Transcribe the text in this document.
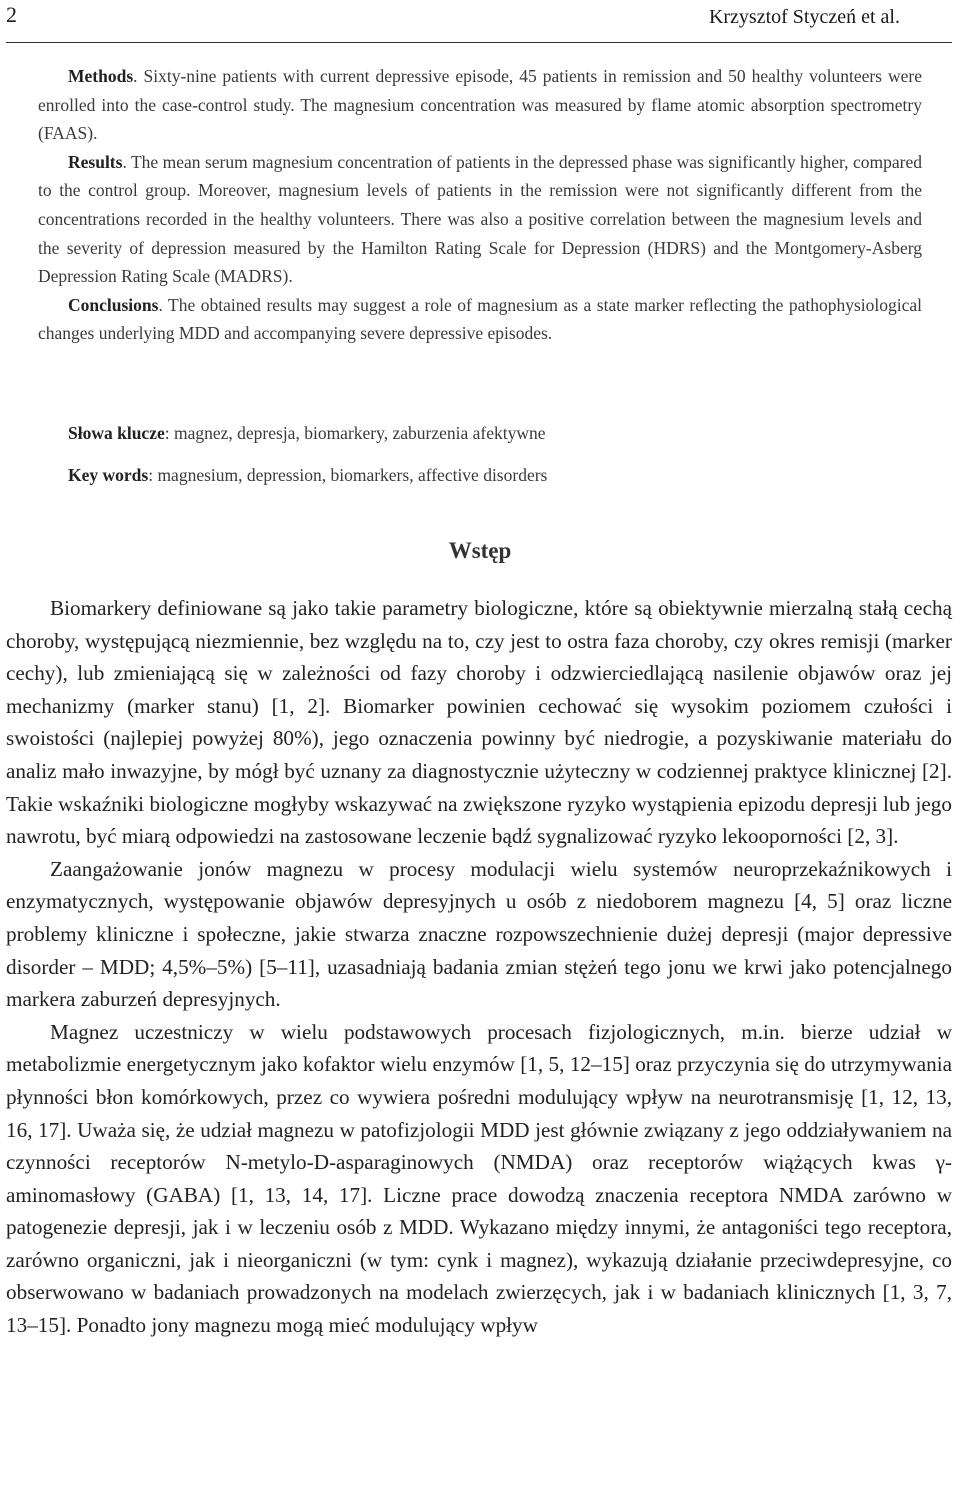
2	Krzysztof Styczeń et al.

Methods. Sixty-nine patients with current depressive episode, 45 patients in remission and 50 healthy volunteers were enrolled into the case-control study. The magnesium concentration was measured by flame atomic absorption spectrometry (FAAS).

Results. The mean serum magnesium concentration of patients in the depressed phase was significantly higher, compared to the control group. Moreover, magnesium levels of patients in the remission were not significantly different from the concentrations recorded in the healthy volunteers. There was also a positive correlation between the magnesium levels and the severity of depression measured by the Hamilton Rating Scale for Depression (HDRS) and the Montgomery-Asberg Depression Rating Scale (MADRS).

Conclusions. The obtained results may suggest a role of magnesium as a state marker reflecting the pathophysiological changes underlying MDD and accompanying severe depressive episodes.

Słowa klucze: magnez, depresja, biomarkery, zaburzenia afektywne
Key words: magnesium, depression, biomarkers, affective disorders
Wstęp

Biomarkery definiowane są jako takie parametry biologiczne, które są obiektywnie mierzalną stałą cechą choroby, występującą niezmiennie, bez względu na to, czy jest to ostra faza choroby, czy okres remisji (marker cechy), lub zmieniającą się w zależności od fazy choroby i odzwierciedlającą nasilenie objawów oraz jej mechanizmy (marker stanu) [1, 2]. Biomarker powinien cechować się wysokim poziomem czułości i swoistości (najlepiej powyżej 80%), jego oznaczenia powinny być niedrogie, a pozyskiwanie materiału do analiz mało inwazyjne, by mógł być uznany za diagnostycznie użyteczny w codziennej praktyce klinicznej [2]. Takie wskaźniki biologiczne mogłyby wskazywać na zwiększone ryzyko wystąpienia epizodu depresji lub jego nawrotu, być miarą odpowiedzi na zastosowane leczenie bądź sygnalizować ryzyko lekooporności [2, 3].

Zaangażowanie jonów magnezu w procesy modulacji wielu systemów neuroprzekaźnikowych i enzymatycznych, występowanie objawów depresyjnych u osób z niedoborem magnezu [4, 5] oraz liczne problemy kliniczne i społeczne, jakie stwarza znaczne rozpowszechnienie dużej depresji (major depressive disorder – MDD; 4,5%–5%) [5–11], uzasadniają badania zmian stężeń tego jonu we krwi jako potencjalnego markera zaburzeń depresyjnych.

Magnez uczestniczy w wielu podstawowych procesach fizjologicznych, m.in. bierze udział w metabolizmie energetycznym jako kofaktor wielu enzymów [1, 5, 12–15] oraz przyczynia się do utrzymywania płynności błon komórkowych, przez co wywiera pośredni modulujący wpływ na neurotransmisję [1, 12, 13, 16, 17]. Uważa się, że udział magnezu w patofizjologii MDD jest głównie związany z jego oddziaływaniem na czynności receptorów N-metylo-D-asparaginowych (NMDA) oraz receptorów wiążących kwas γ-aminomasłowy (GABA) [1, 13, 14, 17]. Liczne prace dowodzą znaczenia receptora NMDA zarówno w patogenezie depresji, jak i w leczeniu osób z MDD. Wykazano między innymi, że antagoniści tego receptora, zarówno organiczni, jak i nieorganiczni (w tym: cynk i magnez), wykazują działanie przeciwdepresyjne, co obserwowano w badaniach prowadzonych na modelach zwierzęcych, jak i w badaniach klinicznych [1, 3, 7, 13–15]. Ponadto jony magnezu mogą mieć modulujący wpływ
